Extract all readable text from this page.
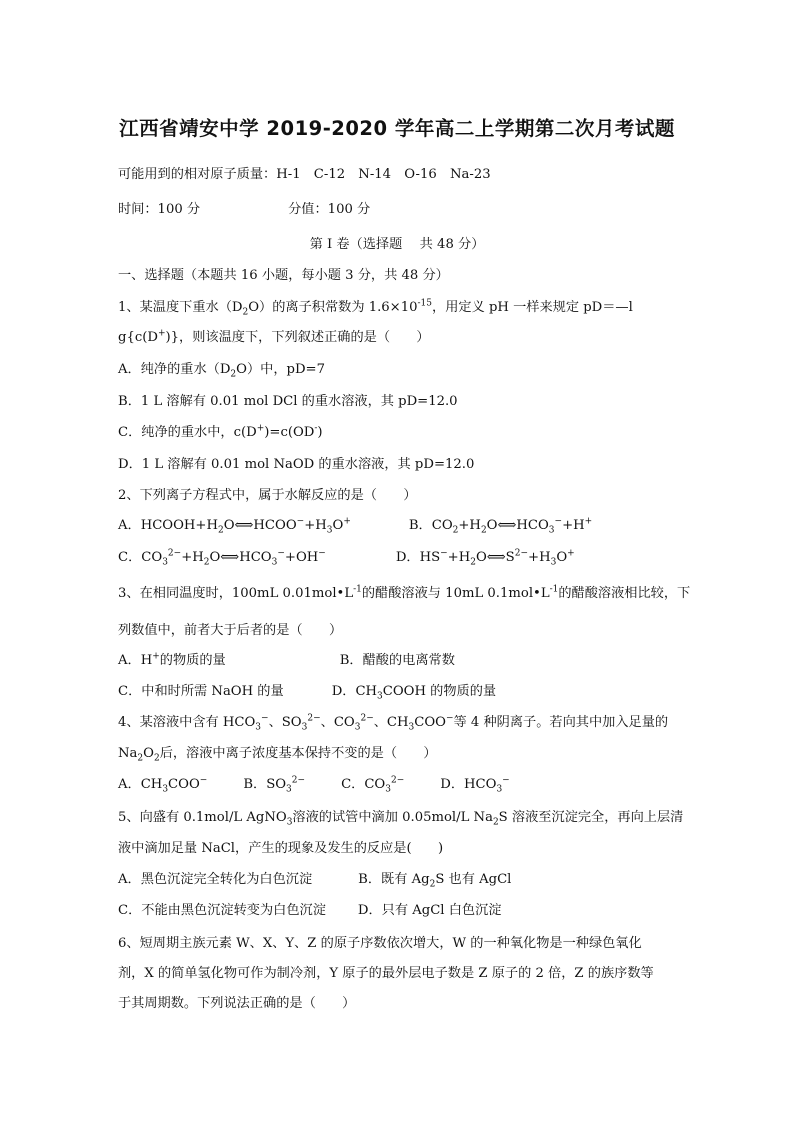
江西省靖安中学 2019-2020 学年高二上学期第二次月考试题
可能用到的相对原子质量：H-1　C-12　N-14　O-16　Na-23
时间：100 分	分值：100 分
第 I 卷（选择题　 共 48 分）
一、选择题（本题共 16 小题，每小题 3 分，共 48 分）
1、某温度下重水$(D_2O)$的离子积常数为 $1.6\times 10^{-15}$，用定义 pH 一样来规定 pD＝—l
g{c(D+)}，则该温度下，下列叙述正确的是（　　）
A．纯净的重水$(D_2O)$中，pD=7
B．1 L 溶解有 0.01 mol DCl 的重水溶液，其 pD=12.0
C．纯净的重水中，c(D+)=c(OD-)
D．1 L 溶解有 0.01 mol NaOD 的重水溶液，其 pD=12.0
2、下列离子方程式中，属于水解反应的是（　　）
A．$HCOOH+H_2O⟺HCOO^-+H_3O^+$	B．$CO_2+H_2O⟺HCO_3^-+H^+$
C．$CO_3^{2-}+H_2O⟺HCO_3^-+OH^-$	D．$HS^-+H_2O⟺S^{2-}+H_3O^+$
3、在相同温度时，100mL $0.01mol•L^{-1}$的醋酸溶液与 10mL $0.1mol•L^{-1}$的醋酸溶液相比较，下
列数值中，前者大于后者的是（　　）
A．H+的物质的量	B．醋酸的电离常数
C．中和时所需 NaOH 的量	D．$CH_3COOH$ 的物质的量
4、某溶液中含有 $HCO_3^-$、$SO_3^{2-}$、$CO_3^{2-}$、$CH_3COO^-$等 4 种阴离子。若向其中加入足量的
$Na_2O_2$后，溶液中离子浓度基本保持不变的是（　　）
A．$CH_3COO^-$	B．$SO_3^{2-}$	C．$CO_3^{2-}$	D．$HCO_3^-$
5、向盛有 0.1mol/L AgNO$_3$溶液的试管中滴加 0.05mol/L $Na_2S$ 溶液至沉淀完全，再向上层清
液中滴加足量 NaCl，产生的现象及发生的反应是(　　)
A．黑色沉淀完全转化为白色沉淀	B．既有 $Ag_2S$ 也有 AgCl
C．不能由黑色沉淀转变为白色沉淀 D．只有 AgCl 白色沉淀
6、短周期主族元素 W、X、Y、Z 的原子序数依次增大，W 的一种氧化物是一种绿色氧化
剂，X 的简单氢化物可作为制冷剂，Y 原子的最外层电子数是 Z 原子的 2 倍，Z 的族序数等
于其周期数。下列说法正确的是（　　）
